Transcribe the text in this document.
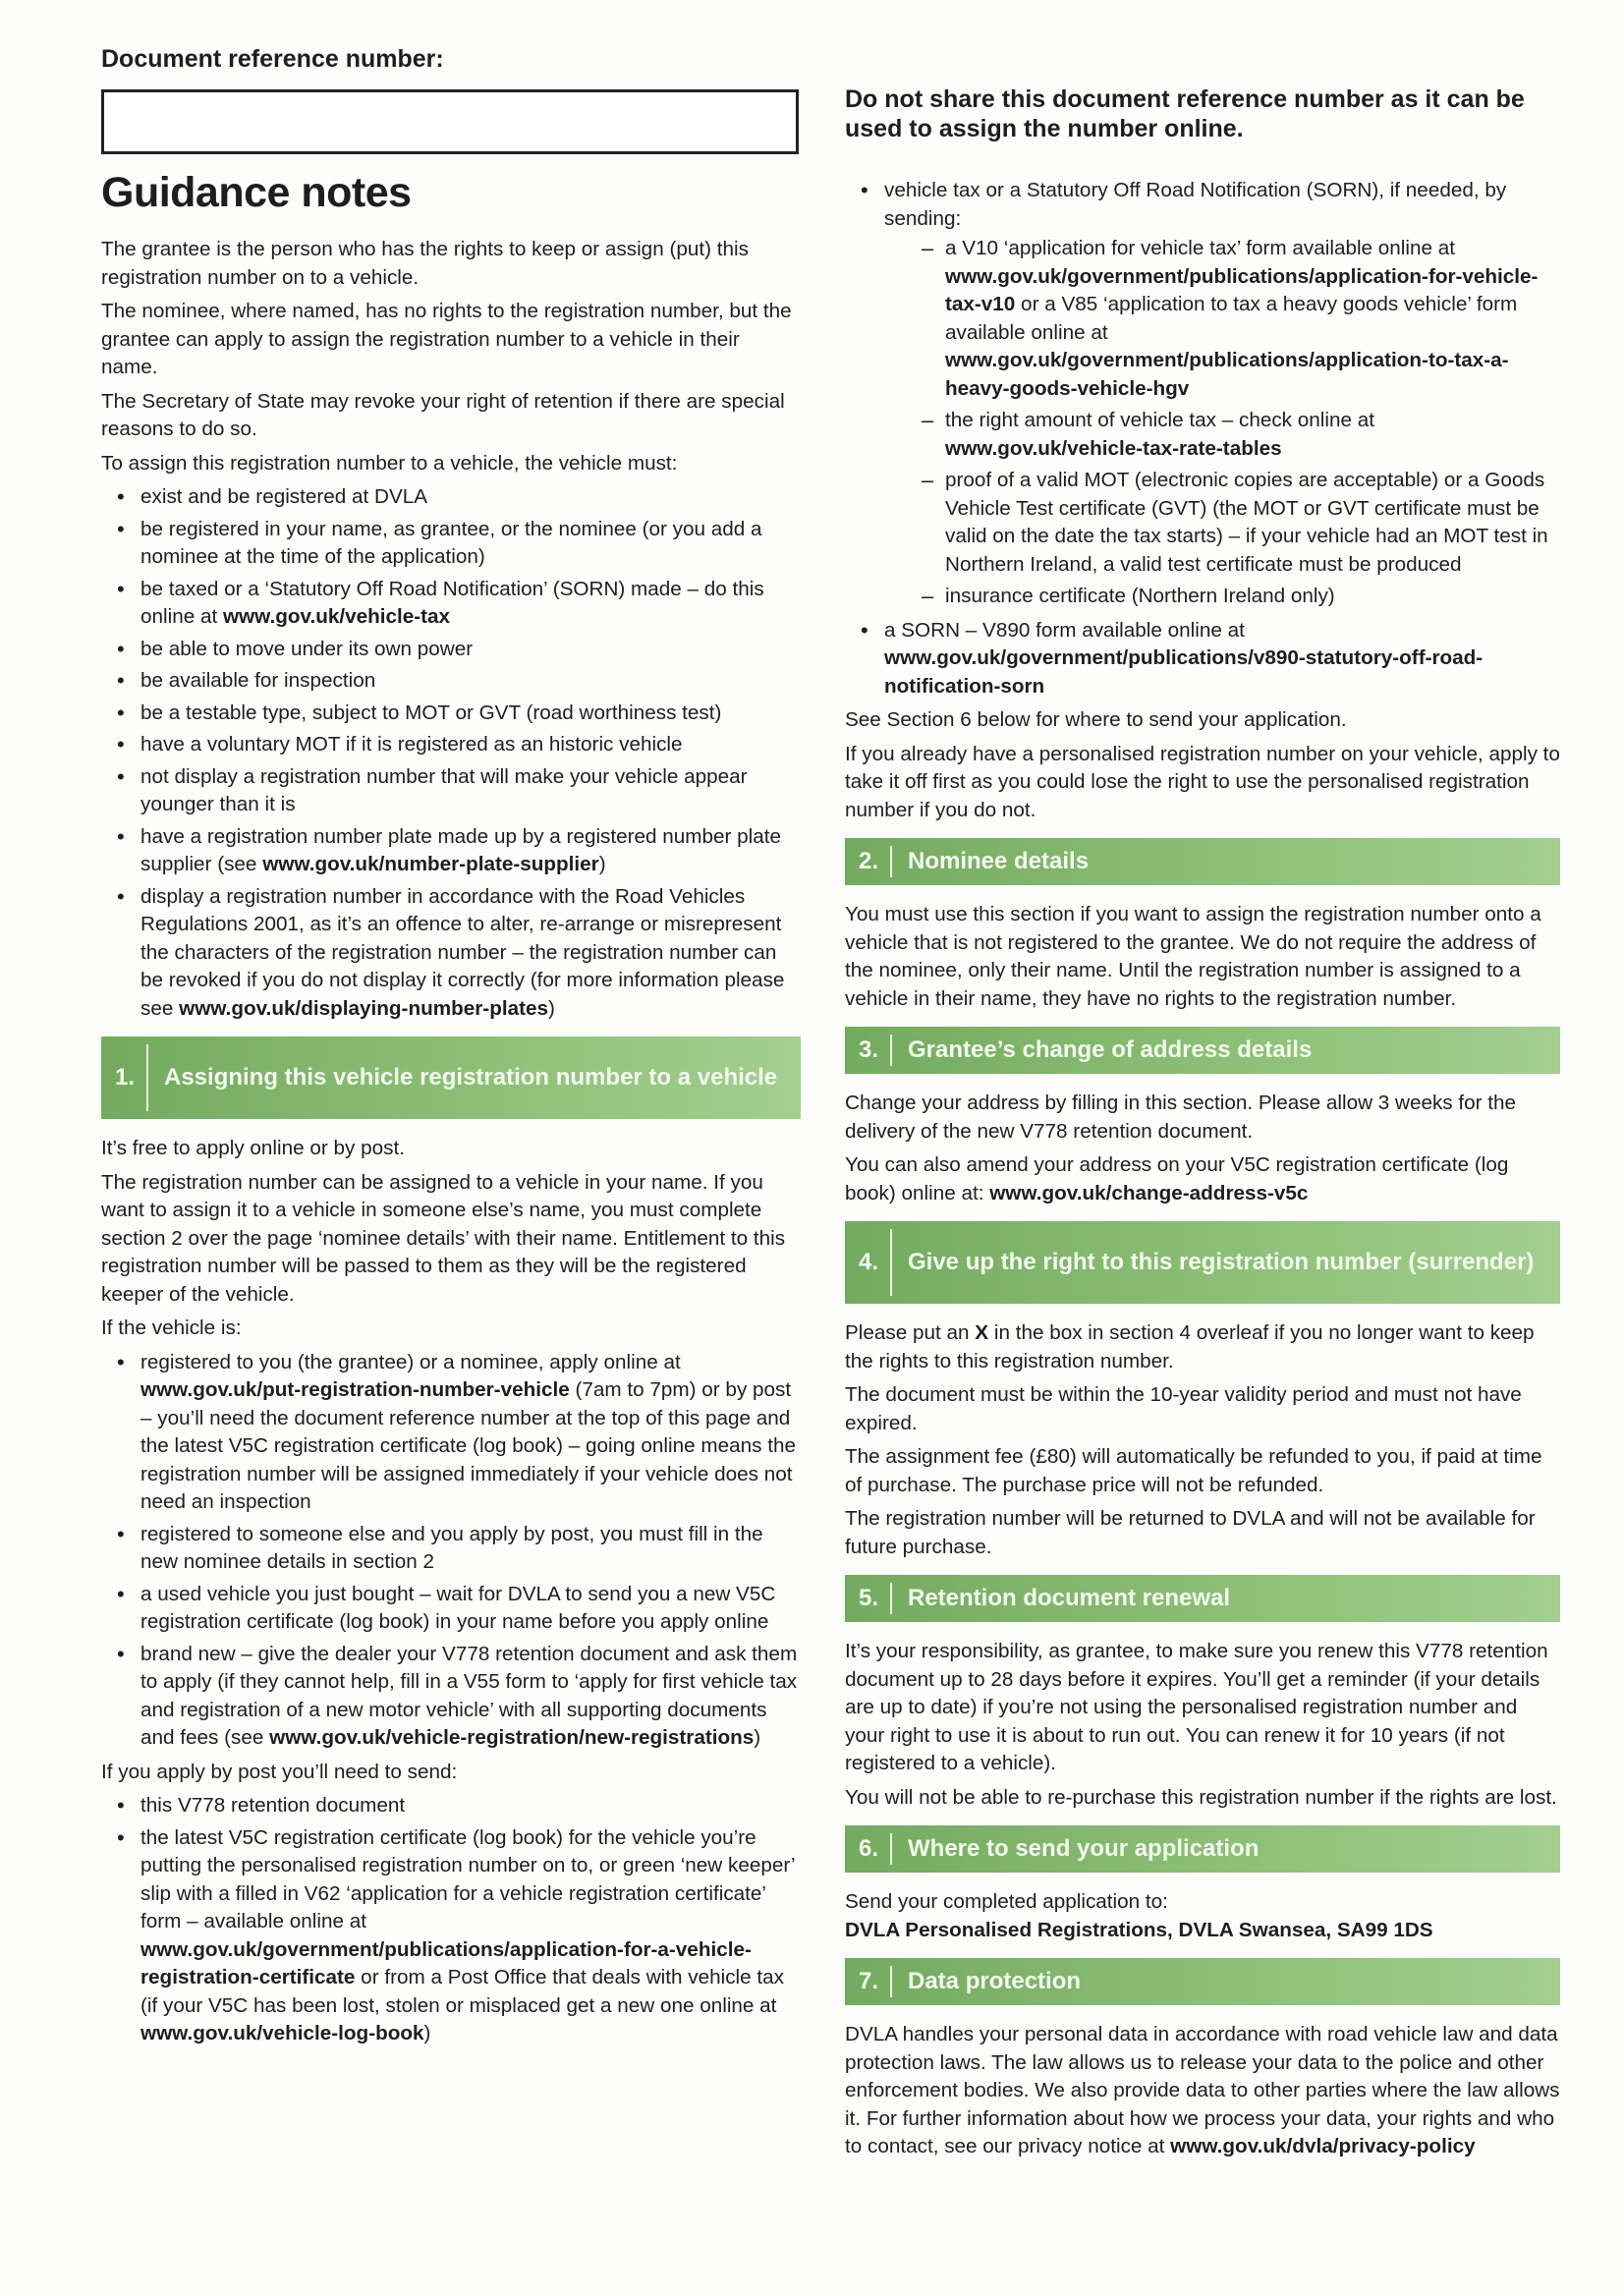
Document reference number:
Guidance notes

The grantee is the person who has the rights to keep or assign (put) this registration number on to a vehicle.

The nominee, where named, has no rights to the registration number, but the grantee can apply to assign the registration number to a vehicle in their name.

The Secretary of State may revoke your right of retention if there are special reasons to do so.

To assign this registration number to a vehicle, the vehicle must:

• exist and be registered at DVLA
• be registered in your name, as grantee, or the nominee (or you add a nominee at the time of the application)
• be taxed or a ‘Statutory Off Road Notification’ (SORN) made – do this online at www.gov.uk/vehicle-tax
• be able to move under its own power
• be available for inspection
• be a testable type, subject to MOT or GVT (road worthiness test)
• have a voluntary MOT if it is registered as an historic vehicle
• not display a registration number that will make your vehicle appear younger than it is
• have a registration number plate made up by a registered number plate supplier (see www.gov.uk/number-plate-supplier)
• display a registration number in accordance with the Road Vehicles Regulations 2001, as it’s an offence to alter, re-arrange or misrepresent the characters of the registration number – the registration number can be revoked if you do not display it correctly (for more information please see www.gov.uk/displaying-number-plates)
1. Assigning this vehicle registration number to a vehicle

It’s free to apply online or by post.

The registration number can be assigned to a vehicle in your name. If you want to assign it to a vehicle in someone else’s name, you must complete section 2 over the page ‘nominee details’ with their name. Entitlement to this registration number will be passed to them as they will be the registered keeper of the vehicle.

If the vehicle is:

• registered to you (the grantee) or a nominee, apply online at www.gov.uk/put-registration-number-vehicle (7am to 7pm) or by post – you’ll need the document reference number at the top of this page and the latest V5C registration certificate (log book) – going online means the registration number will be assigned immediately if your vehicle does not need an inspection
• registered to someone else and you apply by post, you must fill in the new nominee details in section 2
• a used vehicle you just bought – wait for DVLA to send you a new V5C registration certificate (log book) in your name before you apply online
• brand new – give the dealer your V778 retention document and ask them to apply (if they cannot help, fill in a V55 form to ‘apply for first vehicle tax and registration of a new motor vehicle’ with all supporting documents and fees (see www.gov.uk/vehicle-registration/new-registrations)

If you apply by post you’ll need to send:

• this V778 retention document
• the latest V5C registration certificate (log book) for the vehicle you’re putting the personalised registration number on to, or green ‘new keeper’ slip with a filled in V62 ‘application for a vehicle registration certificate’ form – available online at www.gov.uk/government/publications/application-for-a-vehicle-registration-certificate or from a Post Office that deals with vehicle tax (if your V5C has been lost, stolen or misplaced get a new one online at www.gov.uk/vehicle-log-book)
Do not share this document reference number as it can be used to assign the number online.
• vehicle tax or a Statutory Off Road Notification (SORN), if needed, by sending:
– a V10 ‘application for vehicle tax’ form available online at www.gov.uk/government/publications/application-for-vehicle-tax-v10 or a V85 ‘application to tax a heavy goods vehicle’ form available online at www.gov.uk/government/publications/application-to-tax-a-heavy-goods-vehicle-hgv
– the right amount of vehicle tax – check online at www.gov.uk/vehicle-tax-rate-tables
– proof of a valid MOT (electronic copies are acceptable) or a Goods Vehicle Test certificate (GVT) (the MOT or GVT certificate must be valid on the date the tax starts) – if your vehicle had an MOT test in Northern Ireland, a valid test certificate must be produced
– insurance certificate (Northern Ireland only)
• a SORN – V890 form available online at www.gov.uk/government/publications/v890-statutory-off-road-notification-sorn

See Section 6 below for where to send your application.

If you already have a personalised registration number on your vehicle, apply to take it off first as you could lose the right to use the personalised registration number if you do not.

2. Nominee details

You must use this section if you want to assign the registration number onto a vehicle that is not registered to the grantee. We do not require the address of the nominee, only their name. Until the registration number is assigned to a vehicle in their name, they have no rights to the registration number.

3. Grantee’s change of address details

Change your address by filling in this section. Please allow 3 weeks for the delivery of the new V778 retention document.

You can also amend your address on your V5C registration certificate (log book) online at: www.gov.uk/change-address-v5c

4. Give up the right to this registration number (surrender)

Please put an X in the box in section 4 overleaf if you no longer want to keep the rights to this registration number.

The document must be within the 10-year validity period and must not have expired.

The assignment fee (£80) will automatically be refunded to you, if paid at time of purchase. The purchase price will not be refunded.

The registration number will be returned to DVLA and will not be available for future purchase.

5. Retention document renewal

It’s your responsibility, as grantee, to make sure you renew this V778 retention document up to 28 days before it expires. You’ll get a reminder (if your details are up to date) if you’re not using the personalised registration number and your right to use it is about to run out. You can renew it for 10 years (if not registered to a vehicle).

You will not be able to re-purchase this registration number if the rights are lost.

6. Where to send your application

Send your completed application to:

DVLA Personalised Registrations, DVLA Swansea, SA99 1DS

7. Data protection

DVLA handles your personal data in accordance with road vehicle law and data protection laws. The law allows us to release your data to the police and other enforcement bodies. We also provide data to other parties where the law allows it. For further information about how we process your data, your rights and who to contact, see our privacy notice at www.gov.uk/dvla/privacy-policy
